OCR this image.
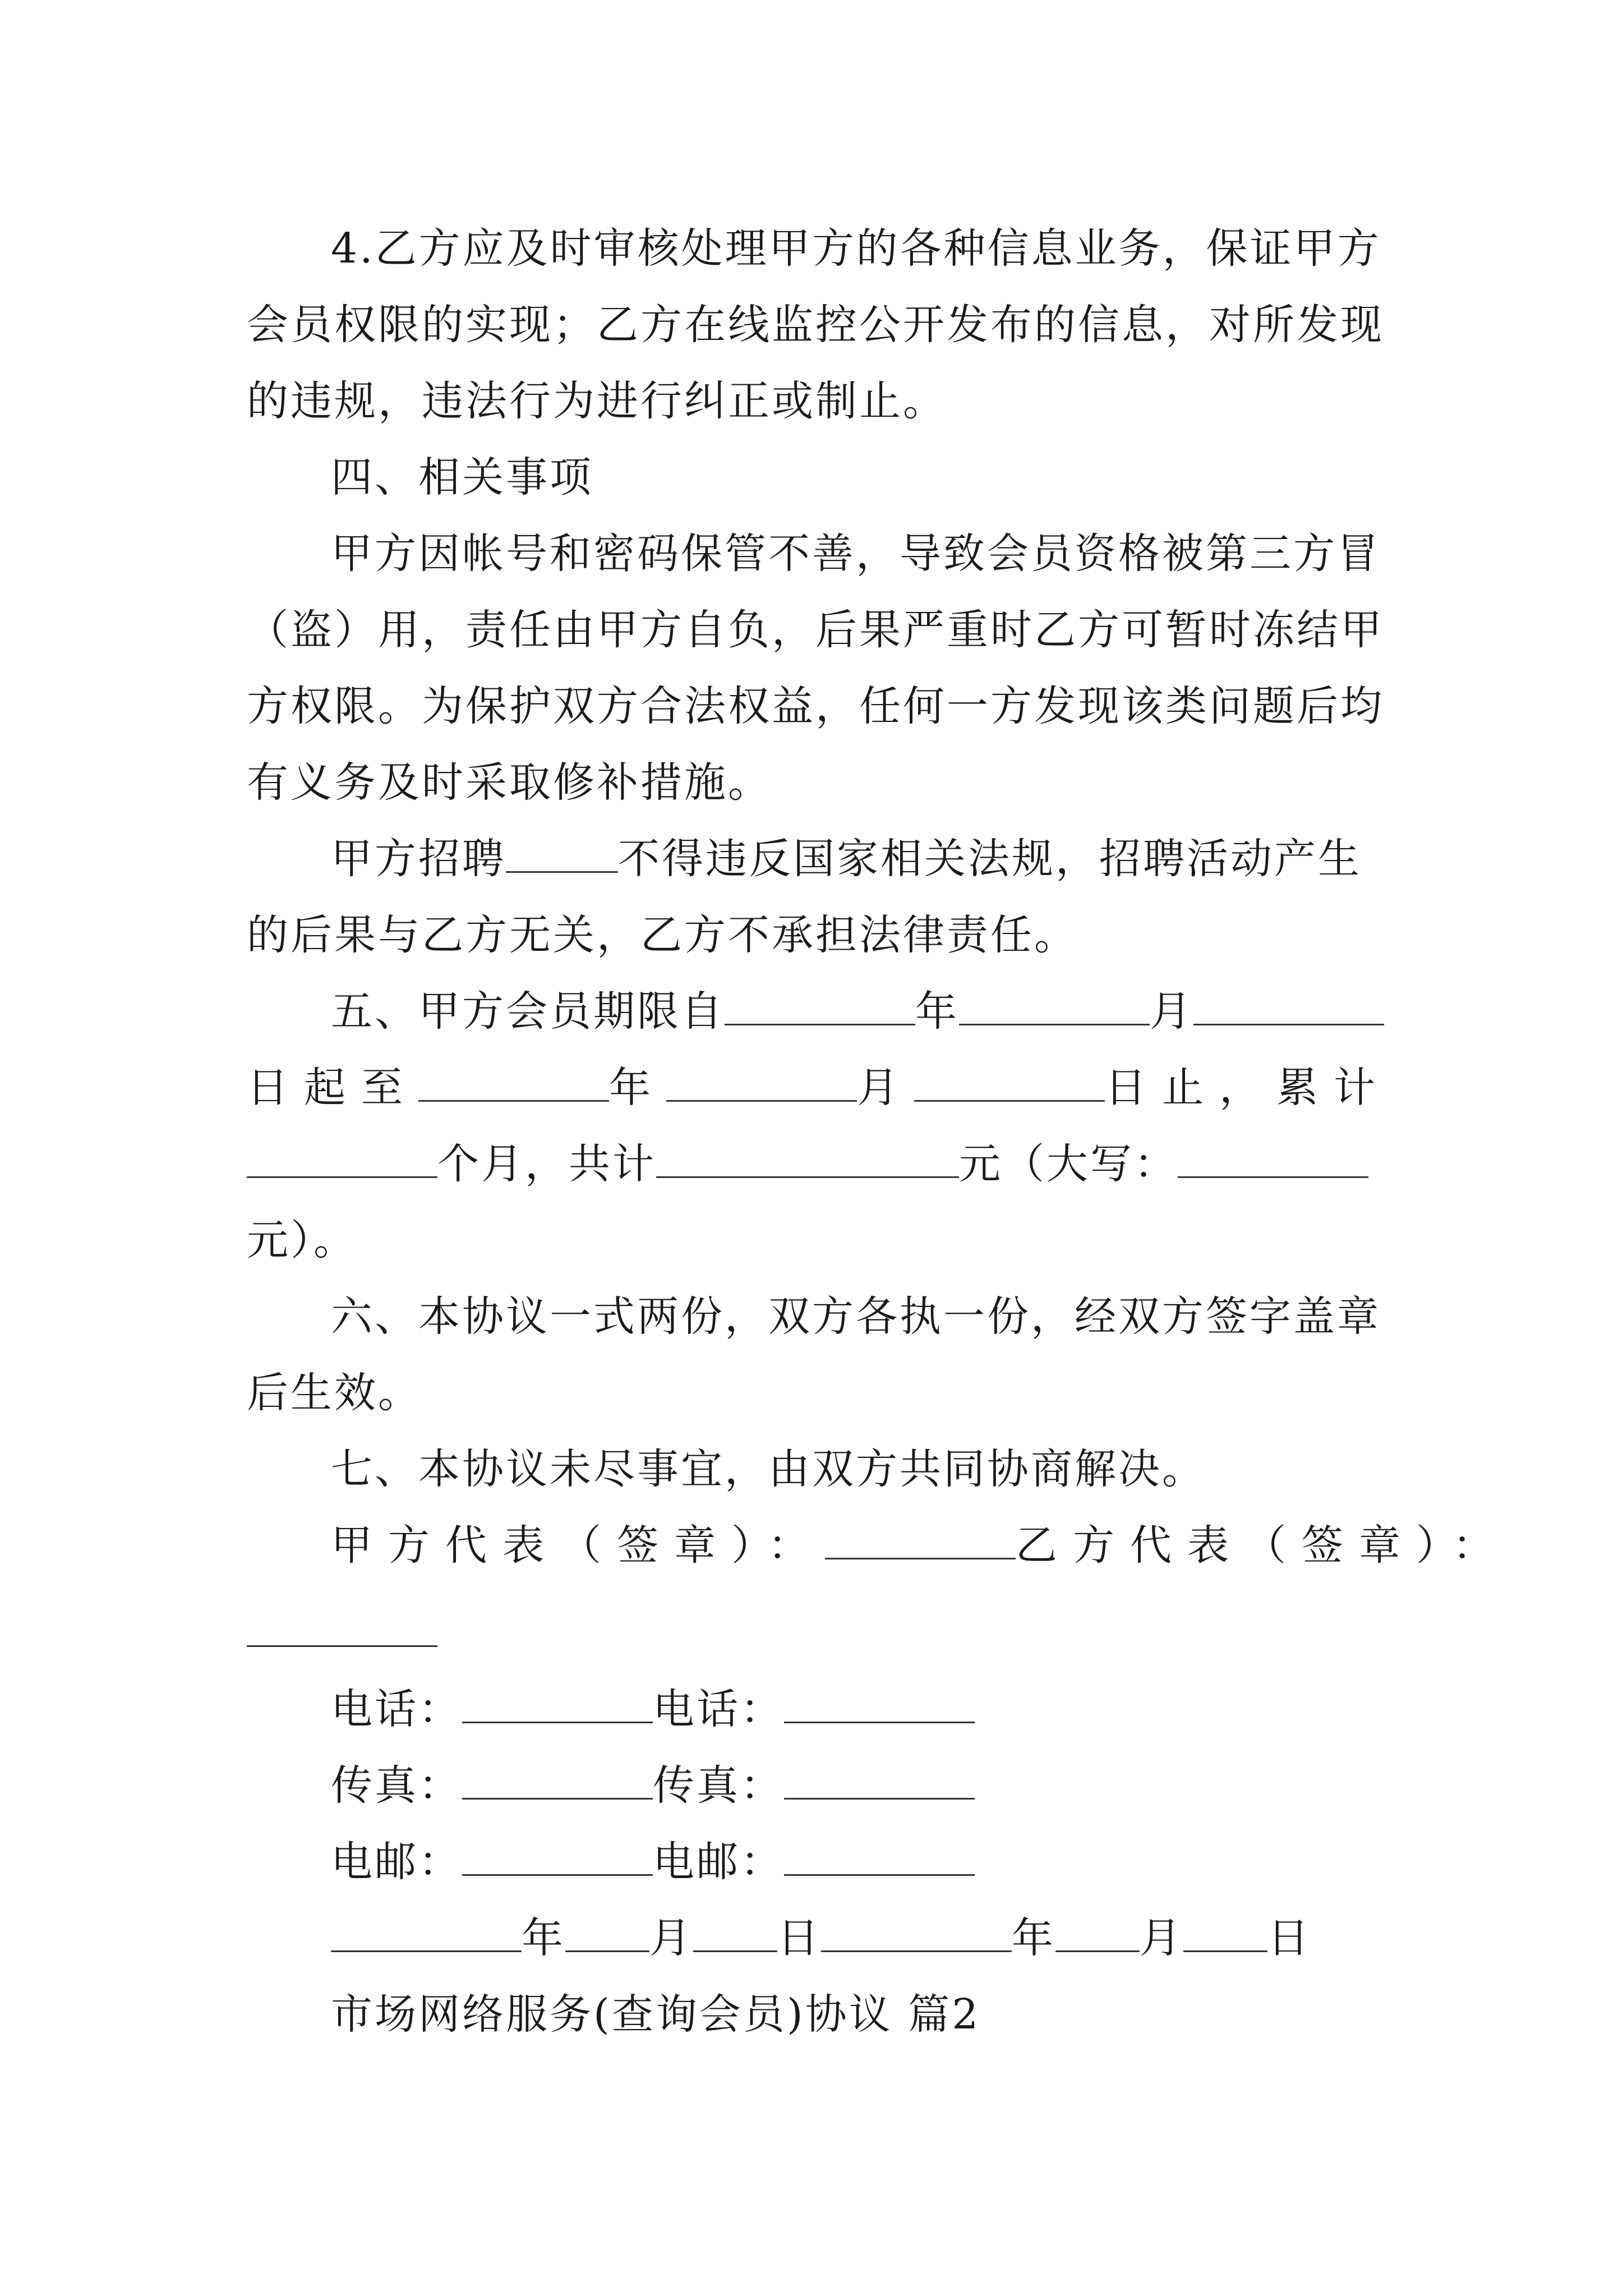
4.乙方应及时审核处理甲方的各种信息业务，保证甲方
会员权限的实现；乙方在线监控公开发布的信息，对所发现
的违规，违法行为进行纠正或制止。

四、相关事项

甲方因帐号和密码保管不善，导致会员资格被第三方冒
（盗）用，责任由甲方自负，后果严重时乙方可暂时冻结甲
方权限。为保护双方合法权益，任何一方发现该类问题后均
有义务及时采取修补措施。

甲方招聘	不得违反国家相关法规，招聘活动产生
的后果与乙方无关，乙方不承担法律责任。

五、甲方会员期限自	年	月
日起至	年	月	日止，累计
个月，共计	元（大写：
元）。

六、本协议一式两份，双方各执一份，经双方签字盖章
后生效。

七、本协议未尽事宜，由双方共同协商解决。

甲方代表（签章）：	乙方代表（签章）：

电话：	电话：
传真：	传真：
电邮：	电邮：
年 月 日	年 月 日
市场网络服务(查询会员)协议 篇2
